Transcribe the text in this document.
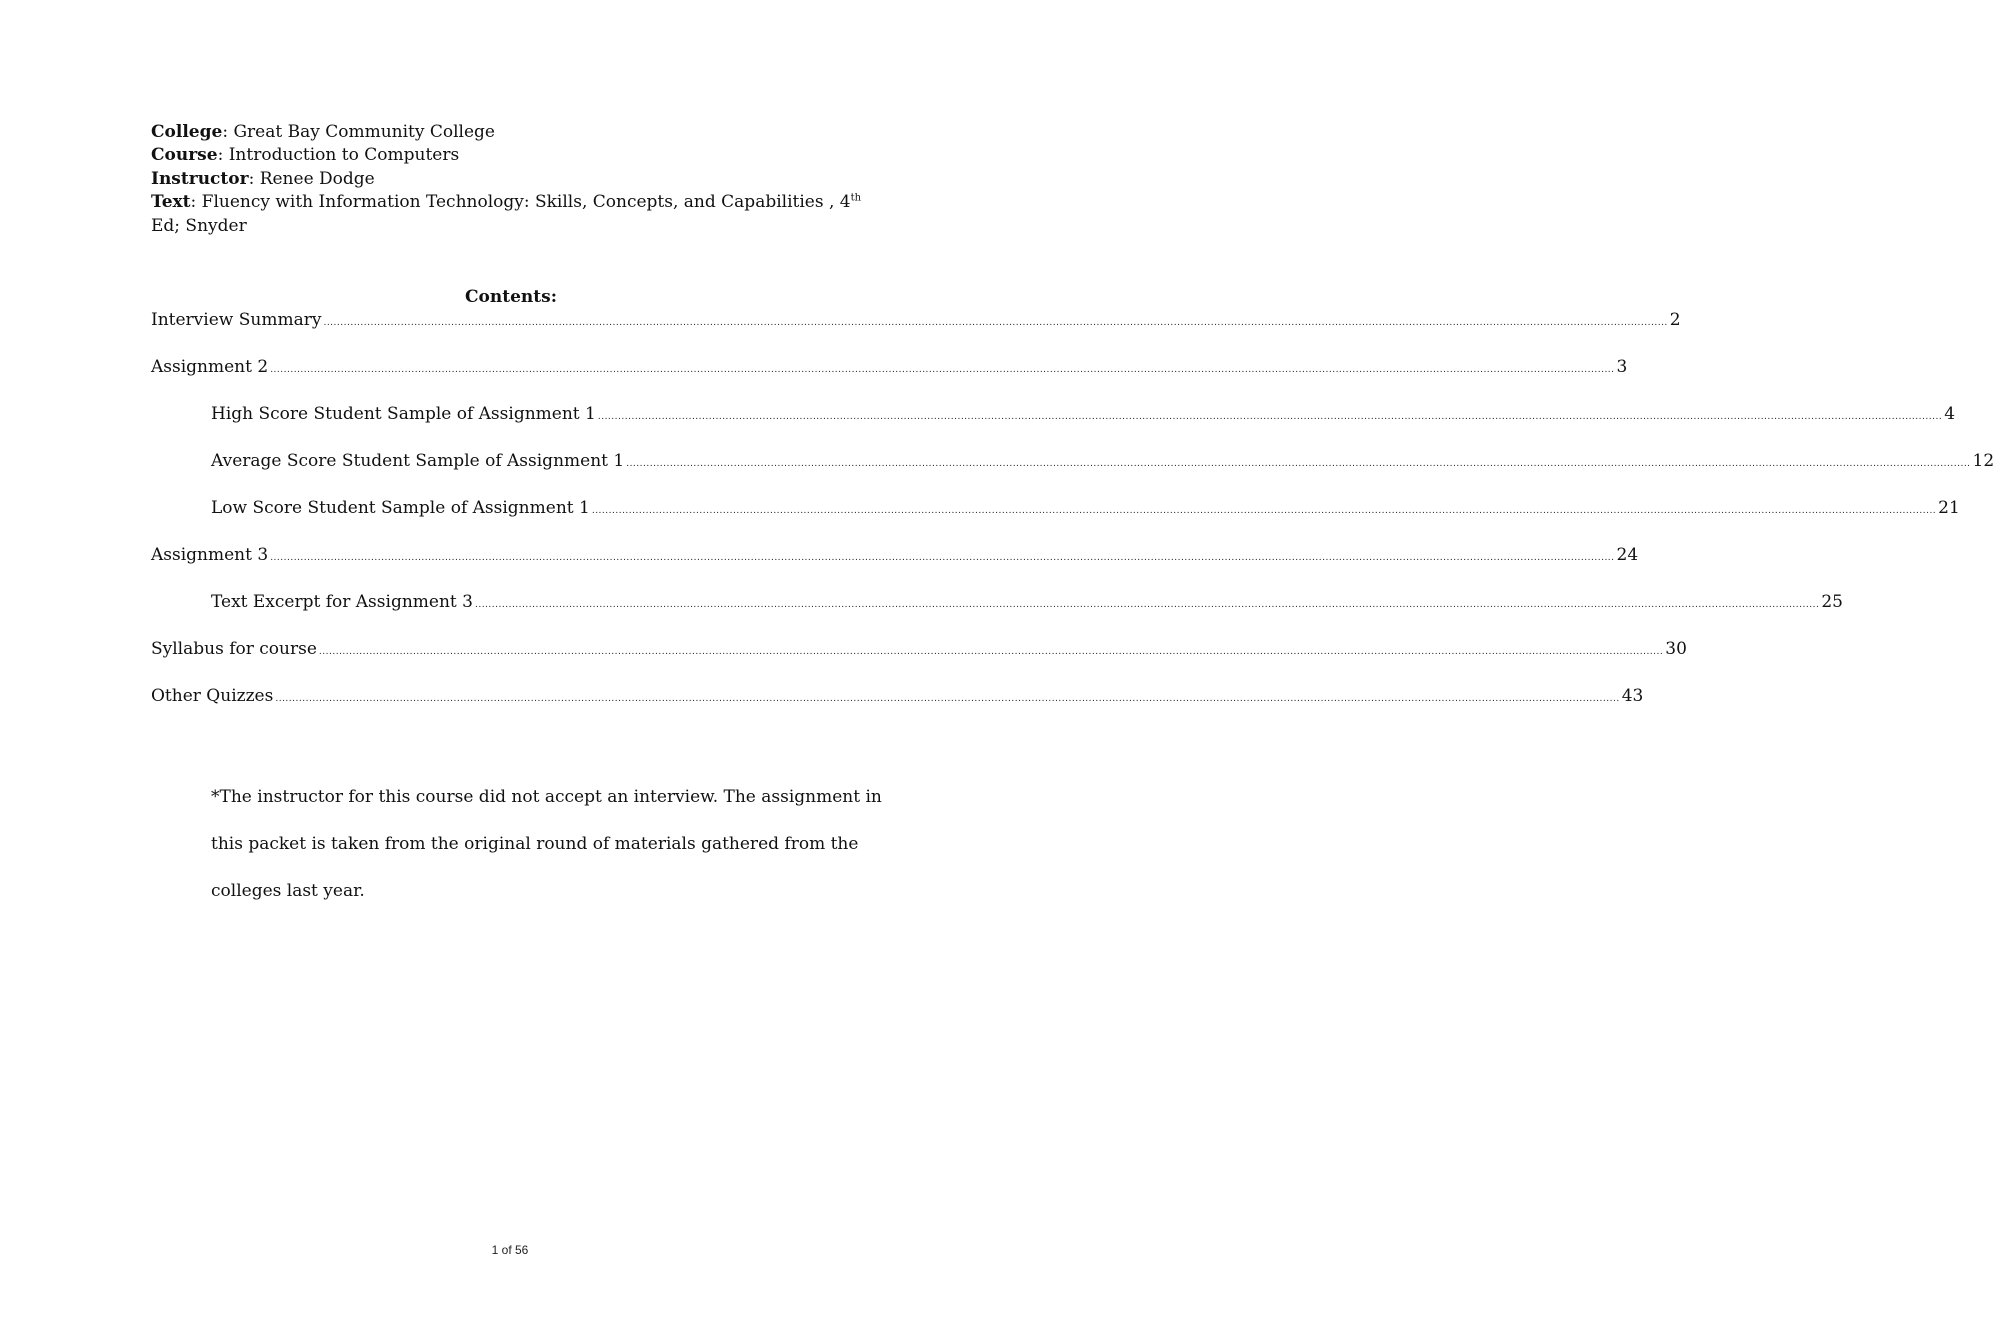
College: Great Bay Community College
Course: Introduction to Computers
Instructor: Renee Dodge
Text: Fluency with Information Technology: Skills, Concepts, and Capabilities , 4th
Ed; Snyder
Contents:
Interview Summary ................................................................................................................................................................................................................................................................................................................................................................................................................ 2
Assignment 2 ................................................................................................................................................................................................................................................................................................................................................................................................................ 3
High Score Student Sample of Assignment 1 ................................................................................................................................................................................................................................................................................................................................................................................................................ 4
Average Score Student Sample of Assignment 1 ................................................................................................................................................................................................................................................................................................................................................................................................................ 12
Low Score Student Sample of Assignment 1 ................................................................................................................................................................................................................................................................................................................................................................................................................ 21
Assignment 3 ................................................................................................................................................................................................................................................................................................................................................................................................................ 24
Text Excerpt for Assignment 3 ................................................................................................................................................................................................................................................................................................................................................................................................................ 25
Syllabus for course ................................................................................................................................................................................................................................................................................................................................................................................................................ 30
Other Quizzes ................................................................................................................................................................................................................................................................................................................................................................................................................ 43
*The instructor for this course did not accept an interview. The assignment in this packet is taken from the original round of materials gathered from the colleges last year.
1 of 56
